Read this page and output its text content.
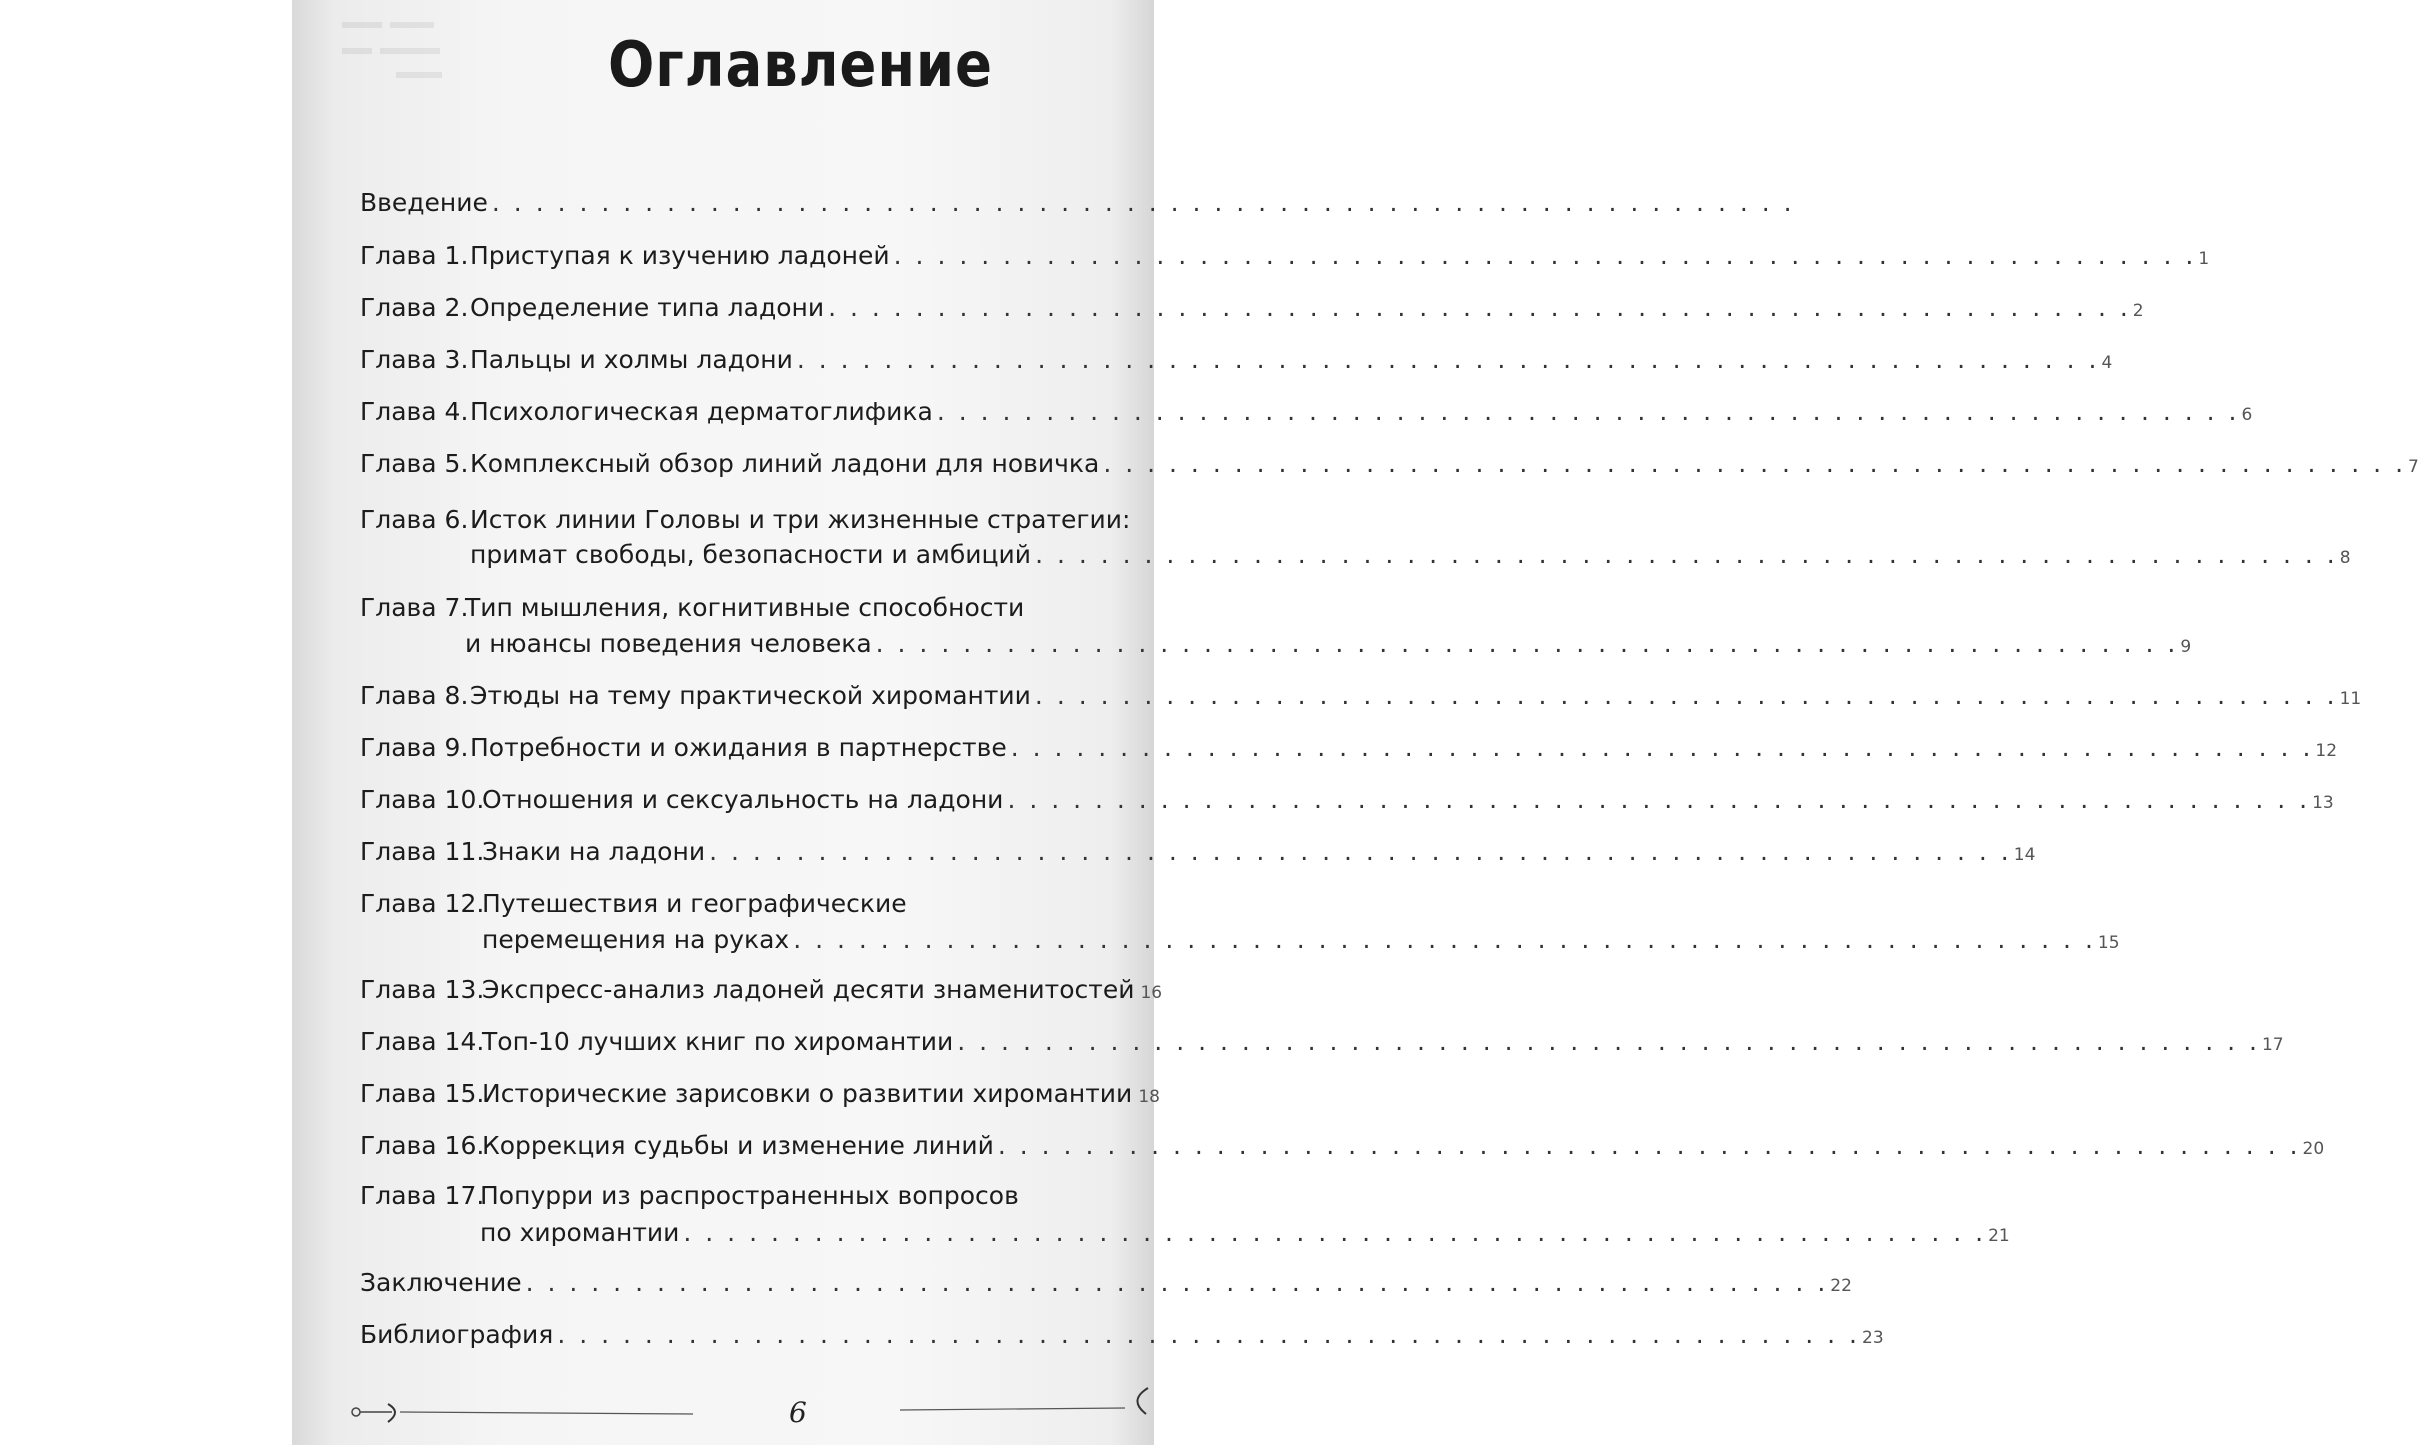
Оглавление
Введение . . . . . . . . . . . . . . . . . . . . . . . . . . . . . . . . . . . . . . . . . . . . . . . . . . . . . . . . . . . .
Глава 1. Приступая к изучению ладоней . . . . . . . . . . . . . . . . . . . . . . . . . . . . . . . . . . . . . . . . . . . . . . . . . . . . . . . . . . . . 1
Глава 2. Определение типа ладони . . . . . . . . . . . . . . . . . . . . . . . . . . . . . . . . . . . . . . . . . . . . . . . . . . . . . . . . . . . . 2
Глава 3. Пальцы и холмы ладони . . . . . . . . . . . . . . . . . . . . . . . . . . . . . . . . . . . . . . . . . . . . . . . . . . . . . . . . . . . . 4
Глава 4. Психологическая дерматоглифика . . . . . . . . . . . . . . . . . . . . . . . . . . . . . . . . . . . . . . . . . . . . . . . . . . . . . . . . . . . . 6
Глава 5. Комплексный обзор линий ладони для новичка . . . . . . . . . . . . . . . . . . . . . . . . . . . . . . . . . . . . . . . . . . . . . . . . . . . . . . . . . . . . 7
Глава 6. Исток линии Головы и три жизненные стратегии:
примат свободы, безопасности и амбиций . . . . . . . . . . . . . . . . . . . . . . . . . . . . . . . . . . . . . . . . . . . . . . . . . . . . . . . . . . . . 8
Глава 7.
Тип мышления, когнитивные способности
и нюансы поведения человека . . . . . . . . . . . . . . . . . . . . . . . . . . . . . . . . . . . . . . . . . . . . . . . . . . . . . . . . . . . . 9
Глава 8. Этюды на тему практической хиромантии . . . . . . . . . . . . . . . . . . . . . . . . . . . . . . . . . . . . . . . . . . . . . . . . . . . . . . . . . . . . 11
Глава 9. Потребности и ожидания в партнерстве . . . . . . . . . . . . . . . . . . . . . . . . . . . . . . . . . . . . . . . . . . . . . . . . . . . . . . . . . . . . 12
Глава 10.
Отношения и сексуальность на ладони . . . . . . . . . . . . . . . . . . . . . . . . . . . . . . . . . . . . . . . . . . . . . . . . . . . . . . . . . . . . 13
Глава 11.
Знаки на ладони . . . . . . . . . . . . . . . . . . . . . . . . . . . . . . . . . . . . . . . . . . . . . . . . . . . . . . . . . . . . 14
Глава 12.
Путешествия и географические
перемещения на руках . . . . . . . . . . . . . . . . . . . . . . . . . . . . . . . . . . . . . . . . . . . . . . . . . . . . . . . . . . . . 15
Глава 13.
Экспресс-анализ ладоней десяти знаменитостей 16
Глава 14.
Топ-10 лучших книг по хиромантии . . . . . . . . . . . . . . . . . . . . . . . . . . . . . . . . . . . . . . . . . . . . . . . . . . . . . . . . . . . . 17
Глава 15.
Исторические зарисовки о развитии хиромантии 18
Глава 16.
Коррекция судьбы и изменение линий . . . . . . . . . . . . . . . . . . . . . . . . . . . . . . . . . . . . . . . . . . . . . . . . . . . . . . . . . . . . 20
Глава 17.
Попурри из распространенных вопросов
по хиромантии . . . . . . . . . . . . . . . . . . . . . . . . . . . . . . . . . . . . . . . . . . . . . . . . . . . . . . . . . . . . 21
Заключение . . . . . . . . . . . . . . . . . . . . . . . . . . . . . . . . . . . . . . . . . . . . . . . . . . . . . . . . . . . . 22
Библиография . . . . . . . . . . . . . . . . . . . . . . . . . . . . . . . . . . . . . . . . . . . . . . . . . . . . . . . . . . . . 23
6
